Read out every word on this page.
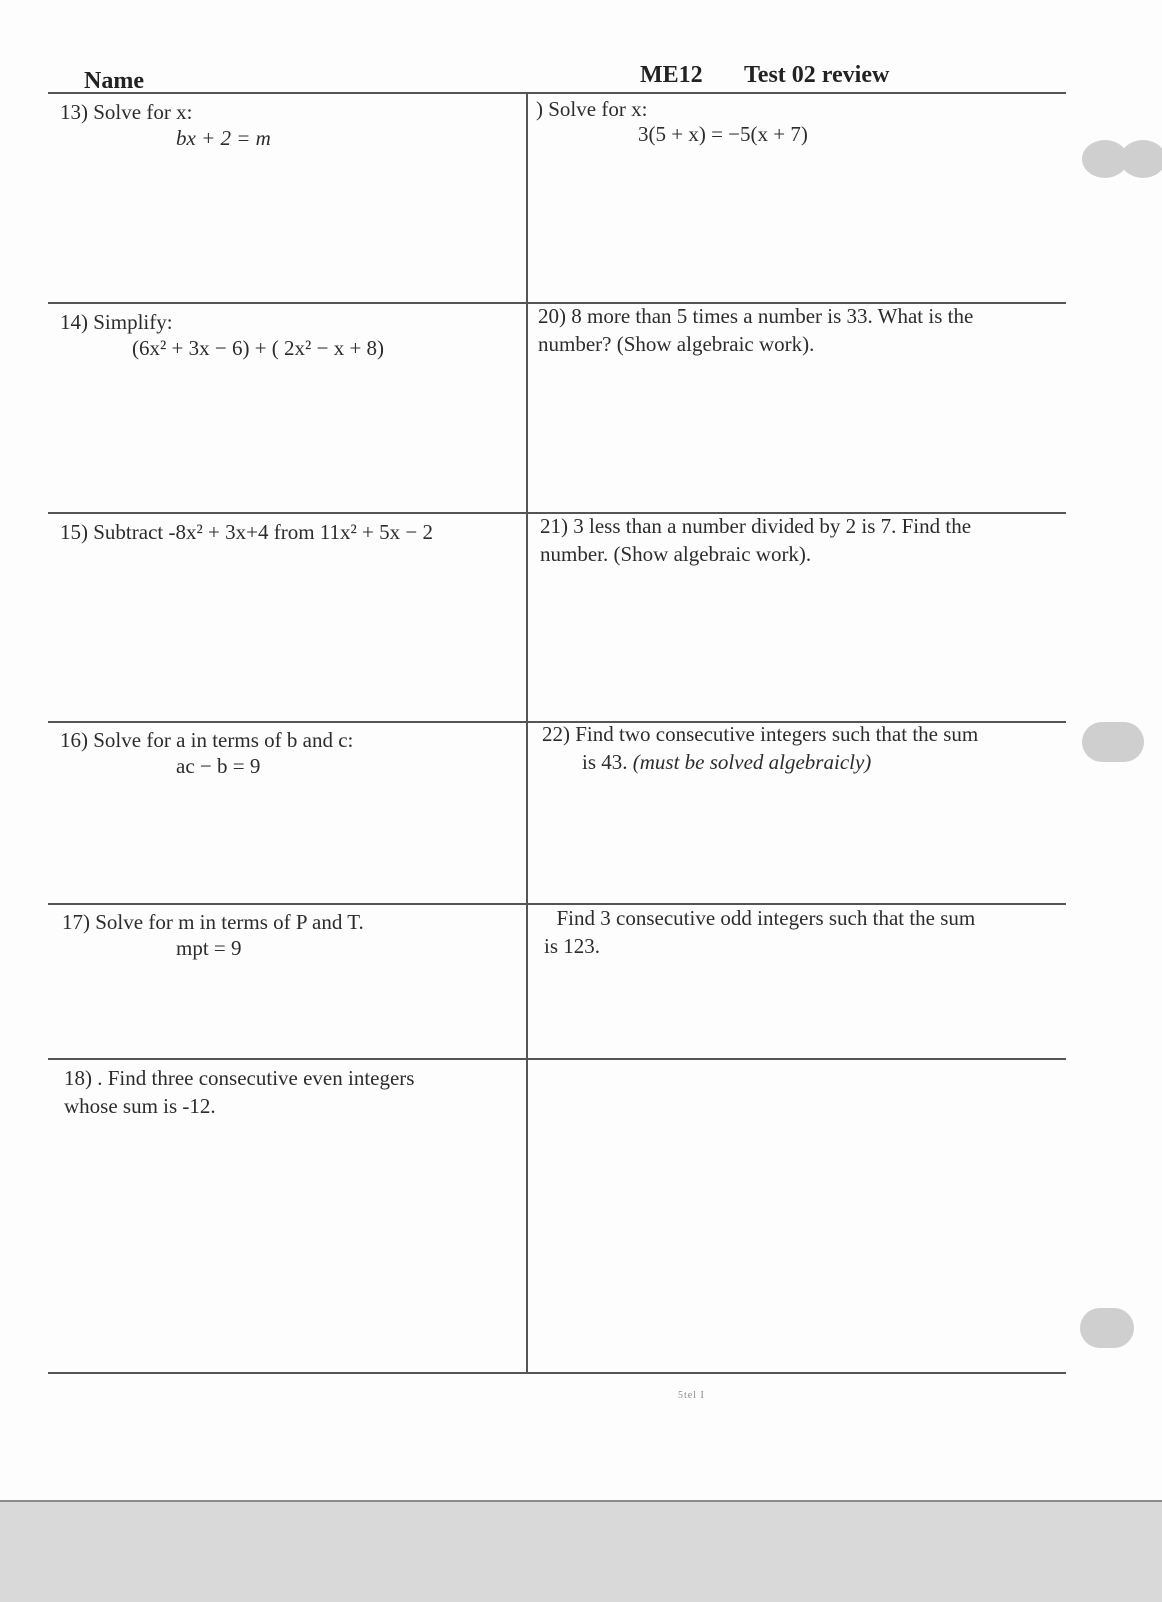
Name	ME12 Test 02 review
13) Solve for x:
bx + 2 = m
14) Simplify:
(6x² + 3x − 6) + ( 2x² − x + 8)
15) Subtract -8x² + 3x+4 from 11x² + 5x − 2
16) Solve for a in terms of b and c:
ac − b = 9
17) Solve for m in terms of P and T.
mpt = 9
18) . Find three consecutive even integers
whose sum is -12.
) Solve for x:
3(5 + x) = −5(x + 7)
20) 8 more than 5 times a number is 33. What is the
number? (Show algebraic work).
21) 3 less than a number divided by 2 is 7. Find the
number. (Show algebraic work).
22) Find two consecutive integers such that the sum
is 43. (must be solved algebraicly)
Find 3 consecutive odd integers such that the sum
is 123.
5tel I
